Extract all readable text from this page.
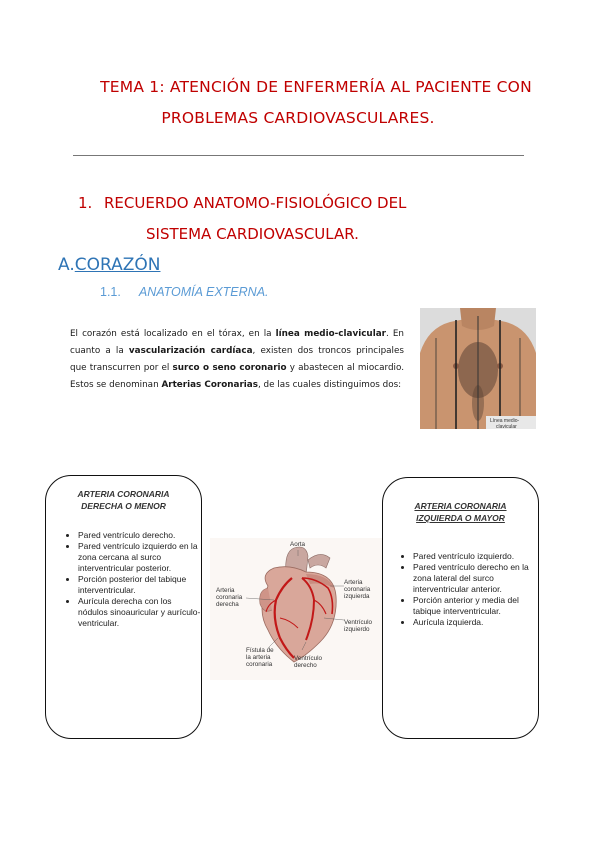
TEMA 1: ATENCIÓN DE ENFERMERÍA AL PACIENTE CON
PROBLEMAS CARDIOVASCULARES.
1. RECUERDO ANATOMO-FISIOLÓGICO DEL
SISTEMA CARDIOVASCULAR.
A.CORAZÓN
1.1. ANATOMÍA EXTERNA.
El corazón está localizado en el tórax, en la línea medio-clavicular. En cuanto a la vascularización cardíaca, existen dos troncos principales que transcurren por el surco o seno coronario y abastecen al miocardio. Estos se denominan Arterias Coronarias, de las cuales distinguimos dos:
Línea medio-
clavicular
ARTERIA CORONARIA
DERECHA O MENOR
• Pared ventrículo derecho.
• Pared ventrículo izquierdo en la zona cercana al surco interventricular posterior.
• Porción posterior del tabique interventricular.
• Aurícula derecha con los nódulos sinoauricular y aurículo-ventricular.
Aorta
Arteria
coronaria
izquierda
Arteria
coronaria
derecha
Ventrículo
izquierdo
Fístula de
la arteria
coronaria
Ventrículo
derecho
ARTERIA CORONARIA
IZQUIERDA O MAYOR
• Pared ventrículo izquierdo.
• Pared ventrículo derecho en la zona lateral del surco interventricular anterior.
• Porción anterior y media del tabique interventricular.
• Aurícula izquierda.
